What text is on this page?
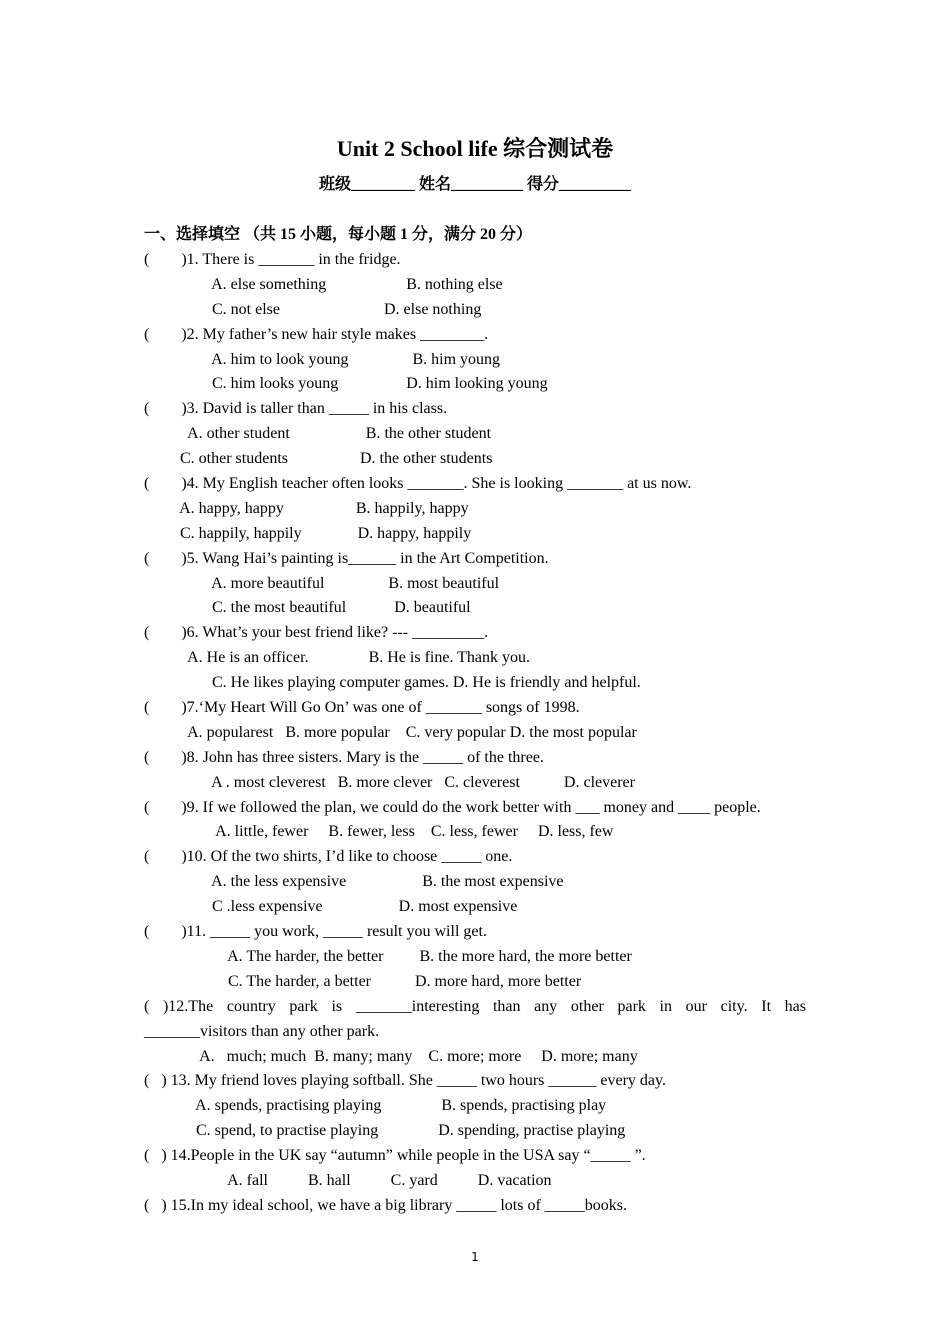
Unit 2 School life 综合测试卷
班级________ 姓名_________ 得分_________
一、选择填空 （共 15 小题，每小题 1 分，满分 20 分）
(        )1. There is _______ in the fridge.
A. else something                    B. nothing else
C. not else                          D. else nothing
(        )2. My father’s new hair style makes ________.
A. him to look young                B. him young
C. him looks young                 D. him looking young
(        )3. David is taller than _____ in his class.
A. other student                   B. the other student
C. other students                  D. the other students
(        )4. My English teacher often looks _______. She is looking _______ at us now.
A. happy, happy                  B. happily, happy
C. happily, happily              D. happy, happily
(        )5. Wang Hai’s painting is______ in the Art Competition.
A. more beautiful                B. most beautiful
C. the most beautiful            D. beautiful
(        )6. What’s your best friend like? --- _________.
A. He is an officer.               B. He is fine. Thank you.
C. He likes playing computer games. D. He is friendly and helpful.
(        )7.‘My Heart Will Go On’ was one of _______ songs of 1998.
A. popularest   B. more popular    C. very popular D. the most popular
(        )8. John has three sisters. Mary is the _____ of the three.
A . most cleverest   B. more clever   C. cleverest           D. cleverer
(        )9. If we followed the plan, we could do the work better with ___ money and ____ people.
A. little, fewer     B. fewer, less    C. less, fewer     D. less, few
(        )10. Of the two shirts, I’d like to choose _____ one.
A. the less expensive                   B. the most expensive
C .less expensive                   D. most expensive
(        )11. _____ you work, _____ result you will get.
A. The harder, the better         B. the more hard, the more better
C. The harder, a better           D. more hard, more better
( )12.The country park is _______interesting than any other park in our city. It has
_______visitors than any other park.
A.   much; much  B. many; many    C. more; more     D. more; many
(   ) 13. My friend loves playing softball. She _____ two hours ______ every day.
A. spends, practising playing               B. spends, practising play
C. spend, to practise playing               D. spending, practise playing
(   ) 14.People in the UK say “autumn” while people in the USA say “_____ ”.
A. fall          B. hall          C. yard          D. vacation
(   ) 15.In my ideal school, we have a big library _____ lots of _____books.
1
